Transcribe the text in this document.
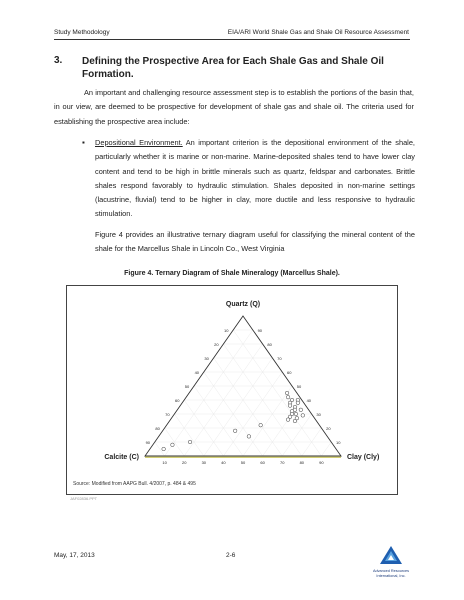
Study Methodology	EIA/ARI World Shale Gas and Shale Oil Resource Assessment
3. Defining the Prospective Area for Each Shale Gas and Shale Oil Formation.
An important and challenging resource assessment step is to establish the portions of the basin that, in our view, are deemed to be prospective for development of shale gas and shale oil. The criteria used for establishing the prospective area include:
▪ Depositional Environment. An important criterion is the depositional environment of the shale, particularly whether it is marine or non-marine. Marine-deposited shales tend to have lower clay content and tend to be high in brittle minerals such as quartz, feldspar and carbonates. Brittle shales respond favorably to hydraulic stimulation. Shales deposited in non-marine settings (lacustrine, fluvial) tend to be higher in clay, more ductile and less responsive to hydraulic stimulation.
Figure 4 provides an illustrative ternary diagram useful for classifying the mineral content of the shale for the Marcellus Shale in Lincoln Co., West Virginia
Figure 4. Ternary Diagram of Shale Mineralogy (Marcellus Shale).
10
20
30
40
50
60
70
80
90
90
80
70
60
50
40
30
20
10
10	20	30	40	50	60	70	80	90
Quartz (Q)
Calcite (C)	Clay (Cly)
Source: Modified from AAPG Bull. 4/2007, p. 484 & 495
JAF02836.PPT
May, 17, 2013	2-6
Advanced Resources
International, Inc.
